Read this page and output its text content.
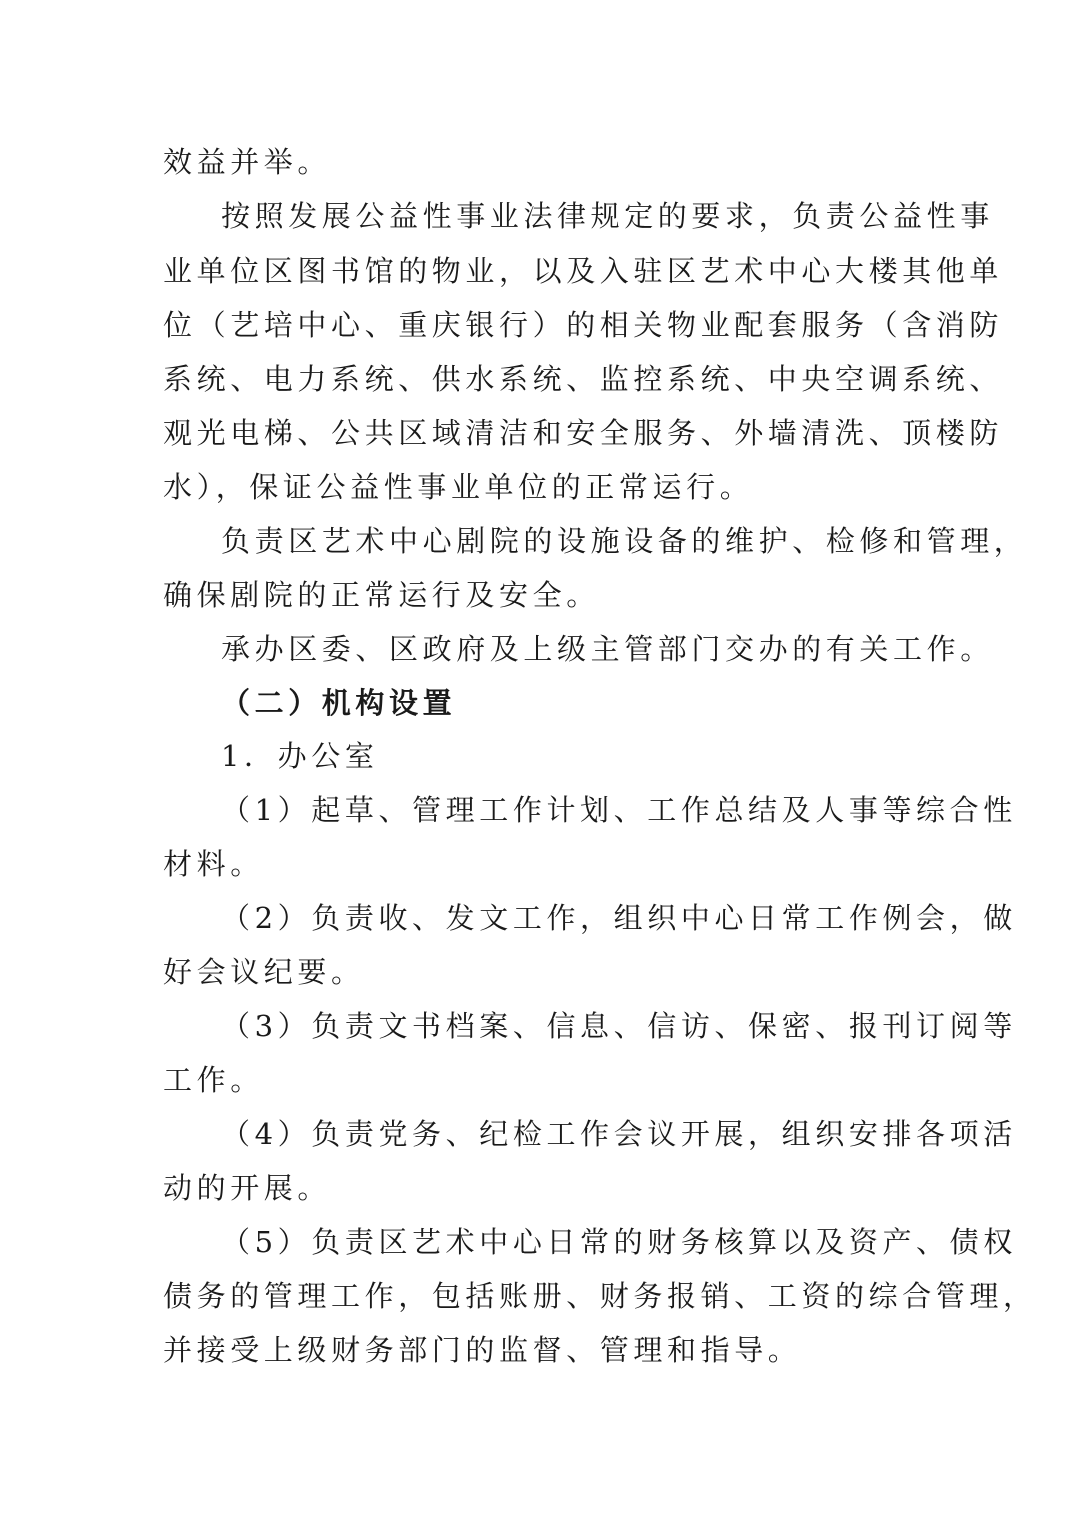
效益并举。
按照发展公益性事业法律规定的要求，负责公益性事
业单位区图书馆的物业，以及入驻区艺术中心大楼其他单
位（艺培中心、重庆银行）的相关物业配套服务（含消防
系统、电力系统、供水系统、监控系统、中央空调系统、
观光电梯、公共区域清洁和安全服务、外墙清洗、顶楼防
水），保证公益性事业单位的正常运行。
负责区艺术中心剧院的设施设备的维护、检修和管理，
确保剧院的正常运行及安全。
承办区委、区政府及上级主管部门交办的有关工作。
（二）机构设置
1．办公室
（1）起草、管理工作计划、工作总结及人事等综合性
材料。
（2）负责收、发文工作，组织中心日常工作例会，做
好会议纪要。
（3）负责文书档案、信息、信访、保密、报刊订阅等
工作。
（4）负责党务、纪检工作会议开展，组织安排各项活
动的开展。
（5）负责区艺术中心日常的财务核算以及资产、债权
债务的管理工作，包括账册、财务报销、工资的综合管理，
并接受上级财务部门的监督、管理和指导。
